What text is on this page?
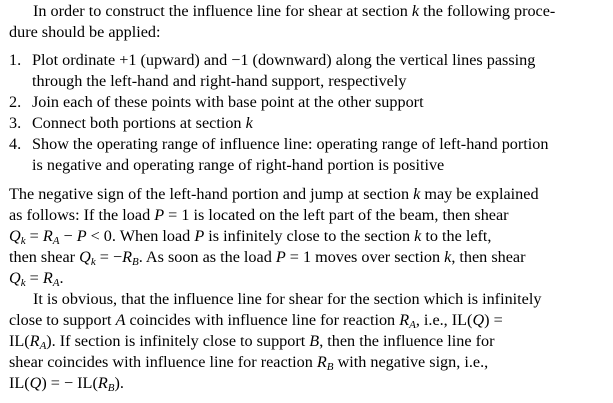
In order to construct the influence line for shear at section k the following proce-
dure should be applied:
1. Plot ordinate +1 (upward) and −1 (downward) along the vertical lines passing
through the left-hand and right-hand support, respectively
2. Join each of these points with base point at the other support
3. Connect both portions at section k
4. Show the operating range of influence line: operating range of left-hand portion
is negative and operating range of right-hand portion is positive
The negative sign of the left-hand portion and jump at section k may be explained
as follows: If the load P = 1 is located on the left part of the beam, then shear
$Q_k = R_A - P < 0$. When load P is infinitely close to the section k to the left,
then shear $Q_k = -R_B$. As soon as the load P = 1 moves over section k, then shear
$Q_k = R_A$.
It is obvious, that the influence line for shear for the section which is infinitely
close to support A coincides with influence line for reaction $R_A$, i.e., IL(Q) =
$IL(R_A)$. If section is infinitely close to support B, then the influence line for
shear coincides with influence line for reaction $R_B$ with negative sign, i.e.,
IL(Q) = − $IL(R_B)$.
